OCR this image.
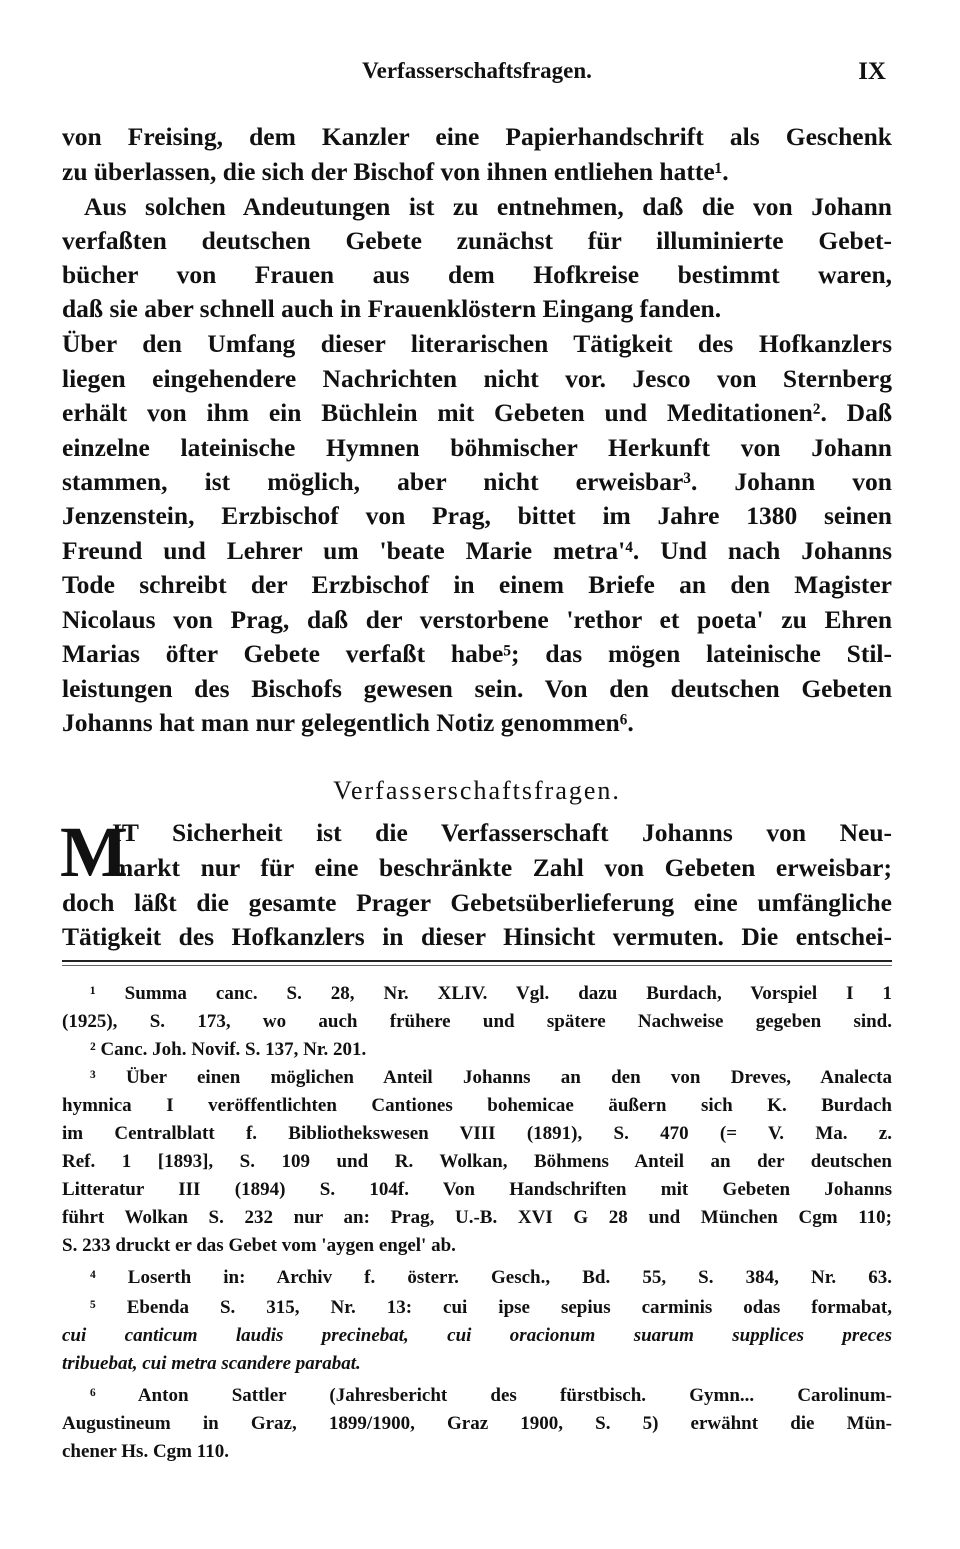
Verfasserschaftsfragen.	IX
von Freising, dem Kanzler eine Papierhandschrift als Geschenk
zu überlassen, die sich der Bischof von ihnen entliehen hatte¹.
Aus solchen Andeutungen ist zu entnehmen, daß die von Johann
verfaßten deutschen Gebete zunächst für illuminierte Gebet-
bücher von Frauen aus dem Hofkreise bestimmt waren,
daß sie aber schnell auch in Frauenklöstern Eingang fanden.
Über den Umfang dieser literarischen Tätigkeit des Hofkanzlers
liegen eingehendere Nachrichten nicht vor. Jesco von Sternberg
erhält von ihm ein Büchlein mit Gebeten und Meditationen². Daß
einzelne lateinische Hymnen böhmischer Herkunft von Johann
stammen, ist möglich, aber nicht erweisbar³. Johann von
Jenzenstein, Erzbischof von Prag, bittet im Jahre 1380 seinen
Freund und Lehrer um 'beate Marie metra'⁴. Und nach Johanns
Tode schreibt der Erzbischof in einem Briefe an den Magister
Nicolaus von Prag, daß der verstorbene 'rethor et poeta' zu Ehren
Marias öfter Gebete verfaßt habe⁵; das mögen lateinische Stil-
leistungen des Bischofs gewesen sein. Von den deutschen Gebeten
Johanns hat man nur gelegentlich Notiz genommen⁶.
Verfasserschaftsfragen.
M
IT Sicherheit ist die Verfasserschaft Johanns von Neu-
markt nur für eine beschränkte Zahl von Gebeten erweisbar;
doch läßt die gesamte Prager Gebetsüberlieferung eine umfängliche
Tätigkeit des Hofkanzlers in dieser Hinsicht vermuten. Die entschei-
¹ Summa canc. S. 28, Nr. XLIV. Vgl. dazu Burdach, Vorspiel I 1
(1925), S. 173, wo auch frühere und spätere Nachweise gegeben sind.
² Canc. Joh. Novif. S. 137, Nr. 201.
³ Über einen möglichen Anteil Johanns an den von Dreves, Analecta
hymnica I veröffentlichten Cantiones bohemicae äußern sich K. Burdach
im Centralblatt f. Bibliothekswesen VIII (1891), S. 470 (= V. Ma. z.
Ref. 1 [1893], S. 109 und R. Wolkan, Böhmens Anteil an der deutschen
Litteratur III (1894) S. 104f. Von Handschriften mit Gebeten Johanns
führt Wolkan S. 232 nur an: Prag, U.-B. XVI G 28 und München Cgm 110;
S. 233 druckt er das Gebet vom 'aygen engel' ab.
⁴ Loserth in: Archiv f. österr. Gesch., Bd. 55, S. 384, Nr. 63.
⁵ Ebenda S. 315, Nr. 13: cui ipse sepius carminis odas formabat,
cui canticum laudis precinebat, cui oracionum suarum supplices preces
tribuebat, cui metra scandere parabat.
⁶ Anton Sattler (Jahresbericht des fürstbisch. Gymn... Carolinum-
Augustineum in Graz, 1899/1900, Graz 1900, S. 5) erwähnt die Mün-
chener Hs. Cgm 110.
